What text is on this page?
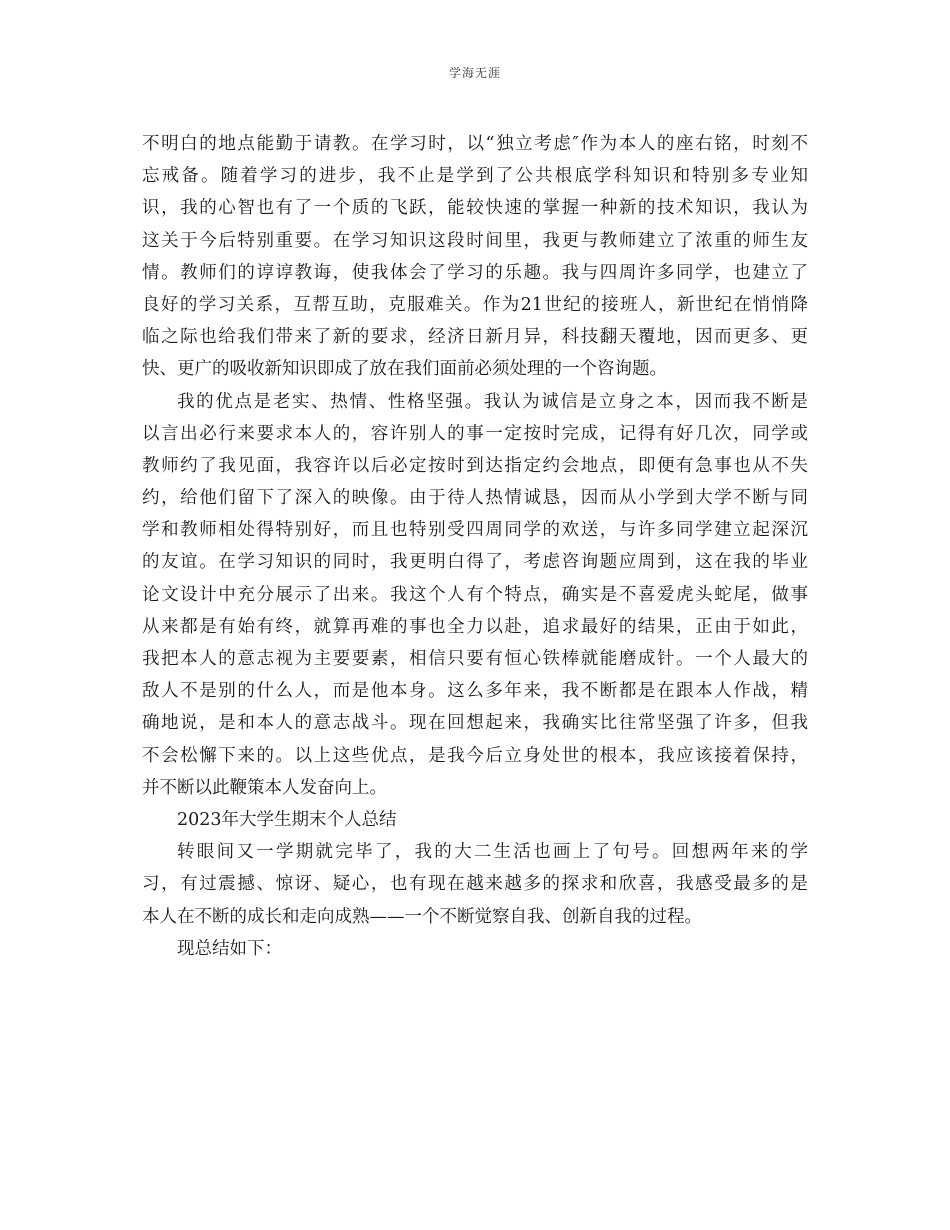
学海无涯
不明白的地点能勤于请教。在学习时，以“独立考虑″作为本人的座右铭，时刻不
忘戒备。随着学习的进步，我不止是学到了公共根底学科知识和特别多专业知
识，我的心智也有了一个质的飞跃，能较快速的掌握一种新的技术知识，我认为
这关于今后特别重要。在学习知识这段时间里，我更与教师建立了浓重的师生友
情。教师们的谆谆教诲，使我体会了学习的乐趣。我与四周许多同学，也建立了
良好的学习关系，互帮互助，克服难关。作为21世纪的接班人，新世纪在悄悄降
临之际也给我们带来了新的要求，经济日新月异，科技翻天覆地，因而更多、更
快、更广的吸收新知识即成了放在我们面前必须处理的一个咨询题。
我的优点是老实、热情、性格坚强。我认为诚信是立身之本，因而我不断是
以言出必行来要求本人的，容许别人的事一定按时完成，记得有好几次，同学或
教师约了我见面，我容许以后必定按时到达指定约会地点，即便有急事也从不失
约，给他们留下了深入的映像。由于待人热情诚恳，因而从小学到大学不断与同
学和教师相处得特别好，而且也特别受四周同学的欢送，与许多同学建立起深沉
的友谊。在学习知识的同时，我更明白得了，考虑咨询题应周到，这在我的毕业
论文设计中充分展示了出来。我这个人有个特点，确实是不喜爱虎头蛇尾，做事
从来都是有始有终，就算再难的事也全力以赴，追求最好的结果，正由于如此，
我把本人的意志视为主要要素，相信只要有恒心铁棒就能磨成针。一个人最大的
敌人不是别的什么人，而是他本身。这么多年来，我不断都是在跟本人作战，精
确地说，是和本人的意志战斗。现在回想起来，我确实比往常坚强了许多，但我
不会松懈下来的。以上这些优点，是我今后立身处世的根本，我应该接着保持，
并不断以此鞭策本人发奋向上。
2023年大学生期末个人总结
转眼间又一学期就完毕了，我的大二生活也画上了句号。回想两年来的学
习，有过震撼、惊讶、疑心，也有现在越来越多的探求和欣喜，我感受最多的是
本人在不断的成长和走向成熟——一个不断觉察自我、创新自我的过程。
现总结如下：
